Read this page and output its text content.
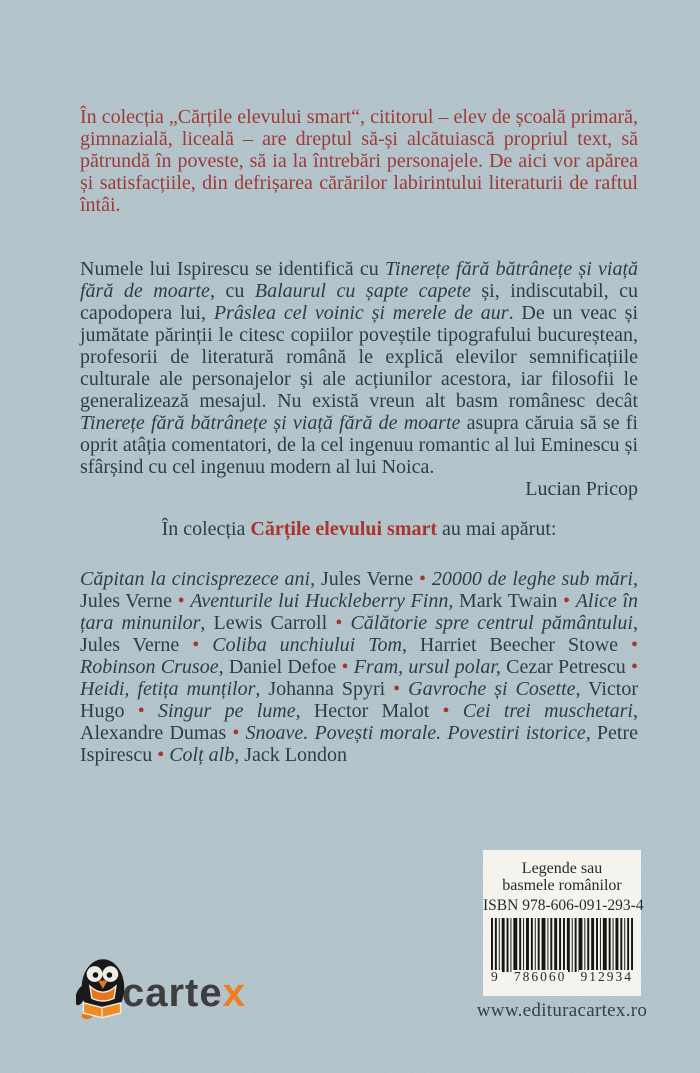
În colecția „Cărțile elevului smart“, cititorul – elev de școală primară, gimnazială, liceală – are dreptul să-și alcătuiască propriul text, să pătrundă în poveste, să ia la întrebări personajele. De aici vor apărea și satisfacțiile, din defrișarea cărărilor labirintului literaturii de raftul întâi.

Numele lui Ispirescu se identifică cu Tinerețe fără bătrânețe și viață fără de moarte, cu Balaurul cu șapte capete și, indiscutabil, cu capodopera lui, Prâslea cel voinic și merele de aur. De un veac și jumătate părinții le citesc copiilor poveștile tipografului bucureștean, profesorii de literatură română le explică elevilor semnificațiile culturale ale personajelor și ale acțiunilor acestora, iar filosofii le generalizează mesajul. Nu există vreun alt basm românesc decât Tinerețe fără bătrânețe și viață fără de moarte asupra căruia să se fi oprit atâția comentatori, de la cel ingenuu romantic al lui Eminescu și sfârșind cu cel ingenuu modern al lui Noica.

Lucian Pricop

În colecția Cărțile elevului smart au mai apărut:

Căpitan la cincisprezece ani, Jules Verne • 20000 de leghe sub mări, Jules Verne • Aventurile lui Huckleberry Finn, Mark Twain • Alice în țara minunilor, Lewis Carroll • Călătorie spre centrul pământului, Jules Verne • Coliba unchiului Tom, Harriet Beecher Stowe • Robinson Crusoe, Daniel Defoe • Fram, ursul polar, Cezar Petrescu • Heidi, fetița munților, Johanna Spyri • Gavroche și Cosette, Victor Hugo • Singur pe lume, Hector Malot • Cei trei muschetari, Alexandre Dumas • Snoave. Povești morale. Povestiri istorice, Petre Ispirescu • Colț alb, Jack London

cartex
Legende sau
basmele românilor
ISBN 978-606-091-293-4
9 786060 912934
www.edituracartex.ro
